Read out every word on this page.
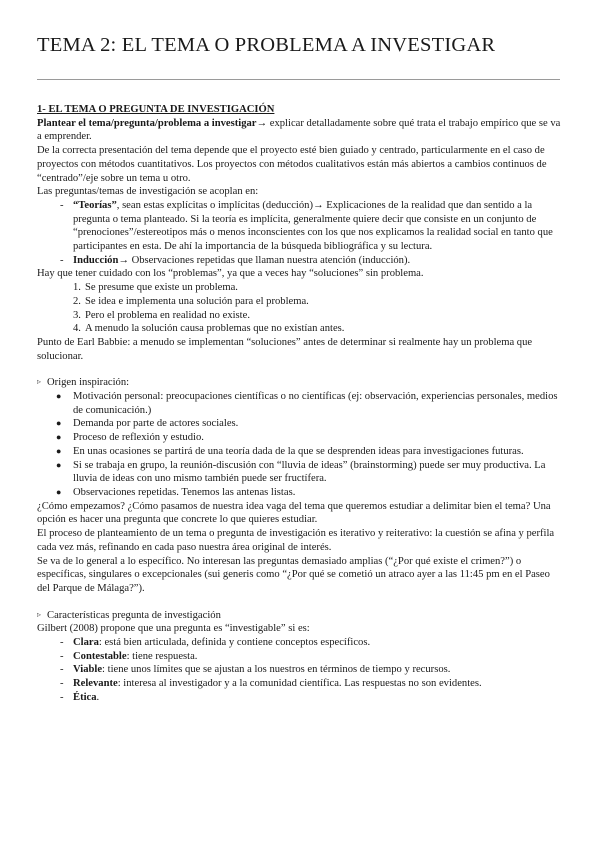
TEMA 2: EL TEMA O PROBLEMA A INVESTIGAR

1- EL TEMA O PREGUNTA DE INVESTIGACIÓN

Plantear el tema/pregunta/problema a investigar→ explicar detalladamente sobre qué trata el trabajo empírico que se va a emprender.

De la correcta presentación del tema depende que el proyecto esté bien guiado y centrado, particularmente en el caso de proyectos con métodos cuantitativos. Los proyectos con métodos cualitativos están más abiertos a cambios continuos de “centrado”/eje sobre un tema u otro.

Las preguntas/temas de investigación se acoplan en:

- “Teorías”, sean estas explícitas o implícitas (deducción)→ Explicaciones de la realidad que dan sentido a la pregunta o tema planteado. Si la teoría es implícita, generalmente quiere decir que consiste en un conjunto de “prenociones”/estereotipos más o menos inconscientes con los que nos explicamos la realidad social en tanto que participantes en esta. De ahí la importancia de la búsqueda bibliográfica y su lectura.
- Inducción→ Observaciones repetidas que llaman nuestra atención (inducción).

Hay que tener cuidado con los “problemas”, ya que a veces hay “soluciones” sin problema.

1. Se presume que existe un problema.
2. Se idea e implementa una solución para el problema.
3. Pero el problema en realidad no existe.
4. A menudo la solución causa problemas que no existían antes.

Punto de Earl Babbie: a menudo se implementan “soluciones” antes de determinar si realmente hay un problema que solucionar.

▹ Origen inspiración:

● Motivación personal: preocupaciones científicas o no científicas (ej: observación, experiencias personales, medios de comunicación.)
● Demanda por parte de actores sociales.
● Proceso de reflexión y estudio.
● En unas ocasiones se partirá de una teoría dada de la que se desprenden ideas para investigaciones futuras.
● Si se trabaja en grupo, la reunión-discusión con “lluvia de ideas” (brainstorming) puede ser muy productiva. La lluvia de ideas con uno mismo también puede ser fructífera.
● Observaciones repetidas. Tenemos las antenas listas.

¿Cómo empezamos? ¿Cómo pasamos de nuestra idea vaga del tema que queremos estudiar a delimitar bien el tema? Una opción es hacer una pregunta que concrete lo que quieres estudiar.

El proceso de planteamiento de un tema o pregunta de investigación es iterativo y reiterativo: la cuestión se afina y perfila cada vez más, refinando en cada paso nuestra área original de interés.

Se va de lo general a lo específico. No interesan las preguntas demasiado amplias (“¿Por qué existe el crimen?”) o específicas, singulares o excepcionales (sui generis como “¿Por qué se cometió un atraco ayer a las 11:45 pm en el Paseo del Parque de Málaga?”).

▹ Características pregunta de investigación

Gilbert (2008) propone que una pregunta es “investigable” si es:

- Clara: está bien articulada, definida y contiene conceptos específicos.
- Contestable: tiene respuesta.
- Viable: tiene unos límites que se ajustan a los nuestros en términos de tiempo y recursos.
- Relevante: interesa al investigador y a la comunidad científica. Las respuestas no son evidentes.
- Ética.
